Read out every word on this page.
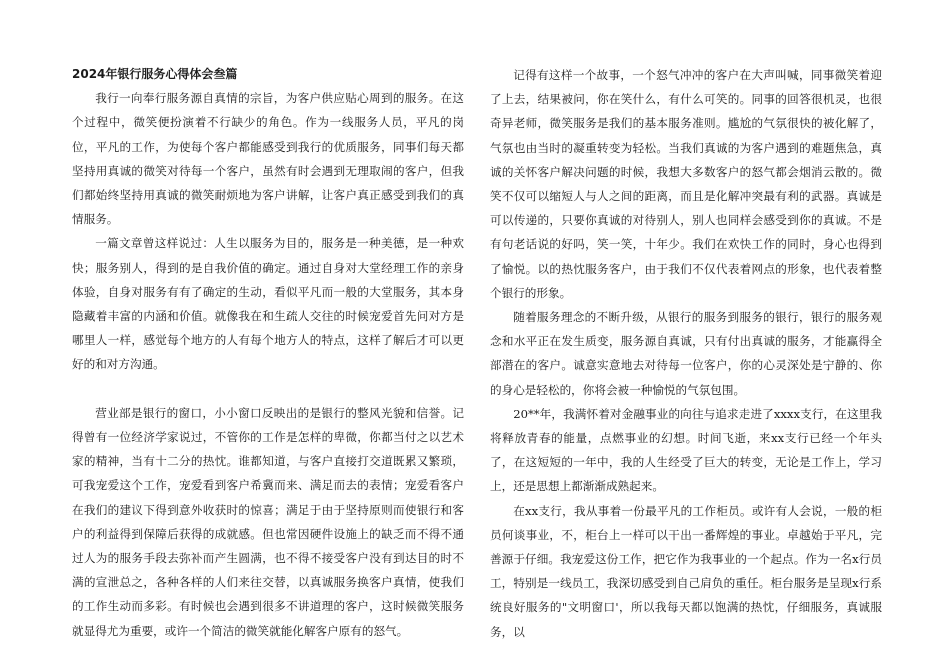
2024年银行服务心得体会叁篇

我行一向奉行服务源自真情的宗旨，为客户供应贴心周到的服务。在这个过程中，微笑便扮演着不行缺少的角色。作为一线服务人员，平凡的岗位，平凡的工作，为使每个客户都能感受到我行的优质服务，同事们每天都坚持用真诚的微笑对待每一个客户，虽然有时会遇到无理取闹的客户，但我们都始终坚持用真诚的微笑耐烦地为客户讲解，让客户真正感受到我们的真情服务。

一篇文章曾这样说过：人生以服务为目的，服务是一种美德，是一种欢快；服务别人，得到的是自我价值的确定。通过自身对大堂经理工作的亲身体验，自身对服务有有了确定的生动，看似平凡而一般的大堂服务，其本身隐藏着丰富的内涵和价值。就像我在和生疏人交往的时候宠爱首先问对方是哪里人一样，感觉每个地方的人有每个地方人的特点，这样了解后才可以更好的和对方沟通。

营业部是银行的窗口，小小窗口反映出的是银行的整风光貌和信誉。记得曾有一位经济学家说过，不管你的工作是怎样的卑微，你都当付之以艺术家的精神，当有十二分的热忱。谁都知道，与客户直接打交道既累又繁琐，可我宠爱这个工作，宠爱看到客户希冀而来、满足而去的表情；宠爱看客户在我们的建议下得到意外收获时的惊喜；满足于由于坚持原则而使银行和客户的利益得到保障后获得的成就感。但也常因硬件设施上的缺乏而不得不通过人为的服务手段去弥补而产生圆满，也不得不接受客户没有到达目的时不满的宣泄总之，各种各样的人们来往交替，以真诚服务换客户真情，使我们的工作生动而多彩。有时候也会遇到很多不讲道理的客户，这时候微笑服务就显得尤为重要，或许一个简洁的微笑就能化解客户原有的怒气。

记得有这样一个故事，一个怒气冲冲的客户在大声叫喊，同事微笑着迎了上去，结果被问，你在笑什么，有什么可笑的。同事的回答很机灵，也很奇异老师，微笑服务是我们的基本服务准则。尴尬的气氛很快的被化解了，气氛也由当时的凝重转变为轻松。当我们真诚的为客户遇到的难题焦急，真诚的关怀客户解决问题的时候，我想大多数客户的怒气都会烟消云散的。微笑不仅可以缩短人与人之间的距离，而且是化解冲突最有利的武器。真诚是可以传递的，只要你真诚的对待别人，别人也同样会感受到你的真诚。不是有句老话说的好吗，笑一笑，十年少。我们在欢快工作的同时，身心也得到了愉悦。以的热忱服务客户，由于我们不仅代表着网点的形象，也代表着整个银行的形象。

随着服务理念的不断升级，从银行的服务到服务的银行，银行的服务观念和水平正在发生质变，服务源自真诚，只有付出真诚的服务，才能赢得全部潜在的客户。诚意实意地去对待每一位客户，你的心灵深处是宁静的、你的身心是轻松的，你将会被一种愉悦的气氛包围。

20**年，我满怀着对金融事业的向往与追求走进了xxxx支行，在这里我将释放青春的能量，点燃事业的幻想。时间飞逝，来xx支行已经一个年头了，在这短短的一年中，我的人生经受了巨大的转变，无论是工作上，学习上，还是思想上都渐渐成熟起来。

在xx支行，我从事着一份最平凡的工作柜员。或许有人会说，一般的柜员何谈事业，不，柜台上一样可以干出一番辉煌的事业。卓越始于平凡，完善源于仔细。我宠爱这份工作，把它作为我事业的一个起点。作为一名x行员工，特别是一线员工，我深切感受到自己肩负的重任。柜台服务是呈现x行系统良好服务的"文明窗口'，所以我每天都以饱满的热忱，仔细服务，真诚服务，以
